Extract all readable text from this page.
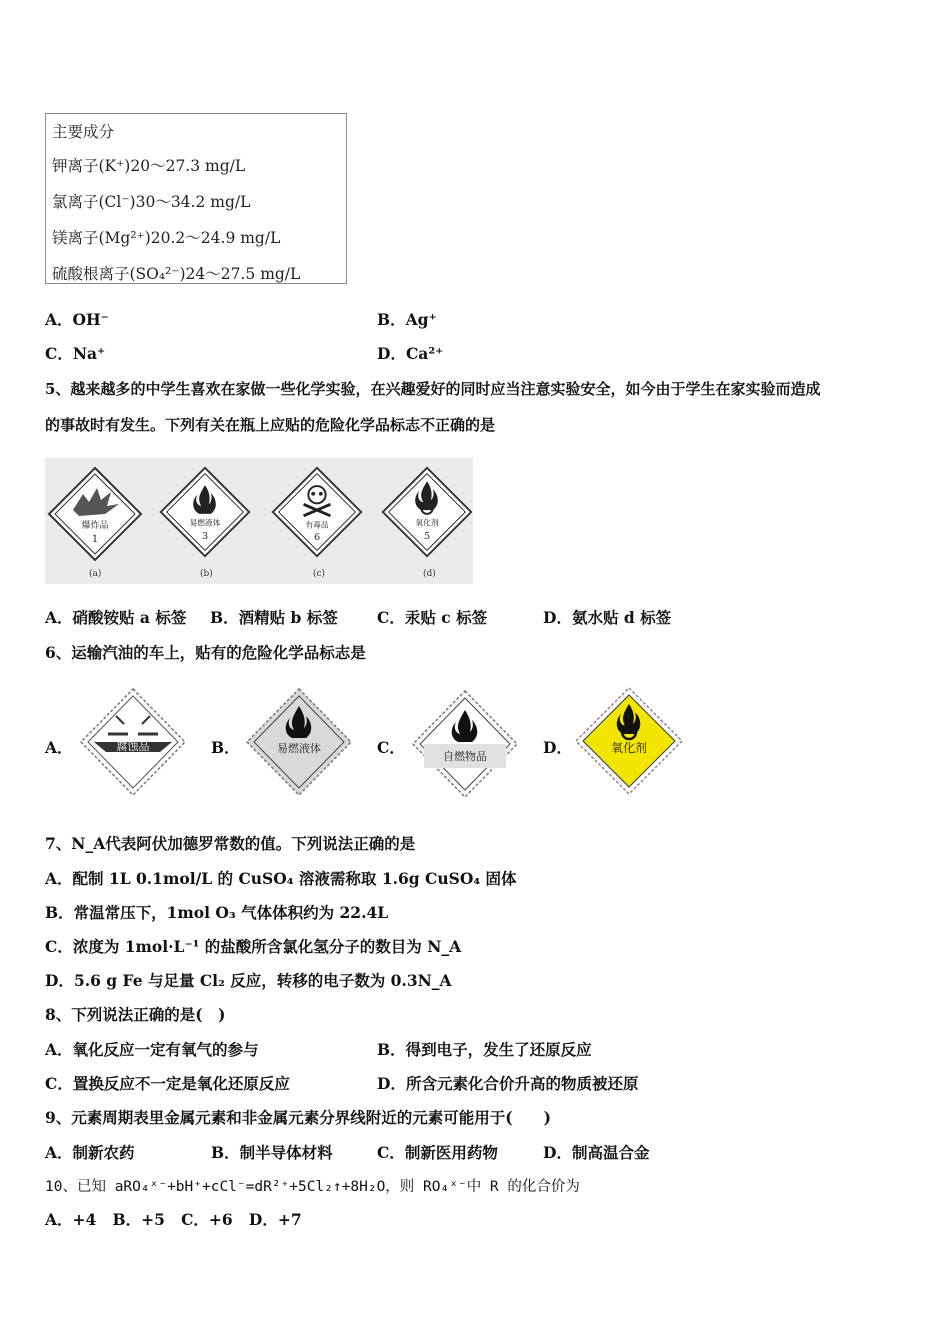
主要成分
钾离子(K⁺)20～27.3 mg/L
氯离子(Cl⁻)30～34.2 mg/L
镁离子(Mg²⁺)20.2～24.9 mg/L
硫酸根离子(SO₄²⁻)24～27.5 mg/L
A．OH⁻	B．Ag⁺
C．Na⁺	D．Ca²⁺
5、越来越多的中学生喜欢在家做一些化学实验，在兴趣爱好的同时应当注意实验安全，如今由于学生在家实验而造成
的事故时有发生。下列有关在瓶上应贴的危险化学品标志不正确的是
爆炸品
1
(a)
易燃液体
3
(b)
有毒品
6
(c)
氧化剂
5
(d)
A．硝酸铵贴 a 标签 B．酒精贴 b 标签	C．汞贴 c 标签	D．氨水贴 d 标签
6、运输汽油的车上，贴有的危险化学品标志是
A．	腐蚀品	B．	易燃液体	C．	自燃物品	D．	氧化剂
7、N_A代表阿伏加德罗常数的值。下列说法正确的是
A．配制 1L 0.1mol/L 的 CuSO₄ 溶液需称取 1.6g CuSO₄ 固体
B．常温常压下，1mol O₃ 气体体积约为 22.4L
C．浓度为 1mol·L⁻¹ 的盐酸所含氯化氢分子的数目为 N_A
D．5.6 g Fe 与足量 Cl₂ 反应，转移的电子数为 0.3N_A
8、下列说法正确的是(　)
A．氧化反应一定有氧气的参与	B．得到电子，发生了还原反应
C．置换反应不一定是氧化还原反应	D．所含元素化合价升高的物质被还原
9、元素周期表里金属元素和非金属元素分界线附近的元素可能用于(　　)
A．制新农药	B．制半导体材料	C．制新医用药物	D．制高温合金
10、已知 aRO₄ˣ⁻+bH⁺+cCl⁻=dR²⁺+5Cl₂↑+8H₂O，则 RO₄ˣ⁻中 R 的化合价为
A．+4 B．+5 C．+6 D．+7
